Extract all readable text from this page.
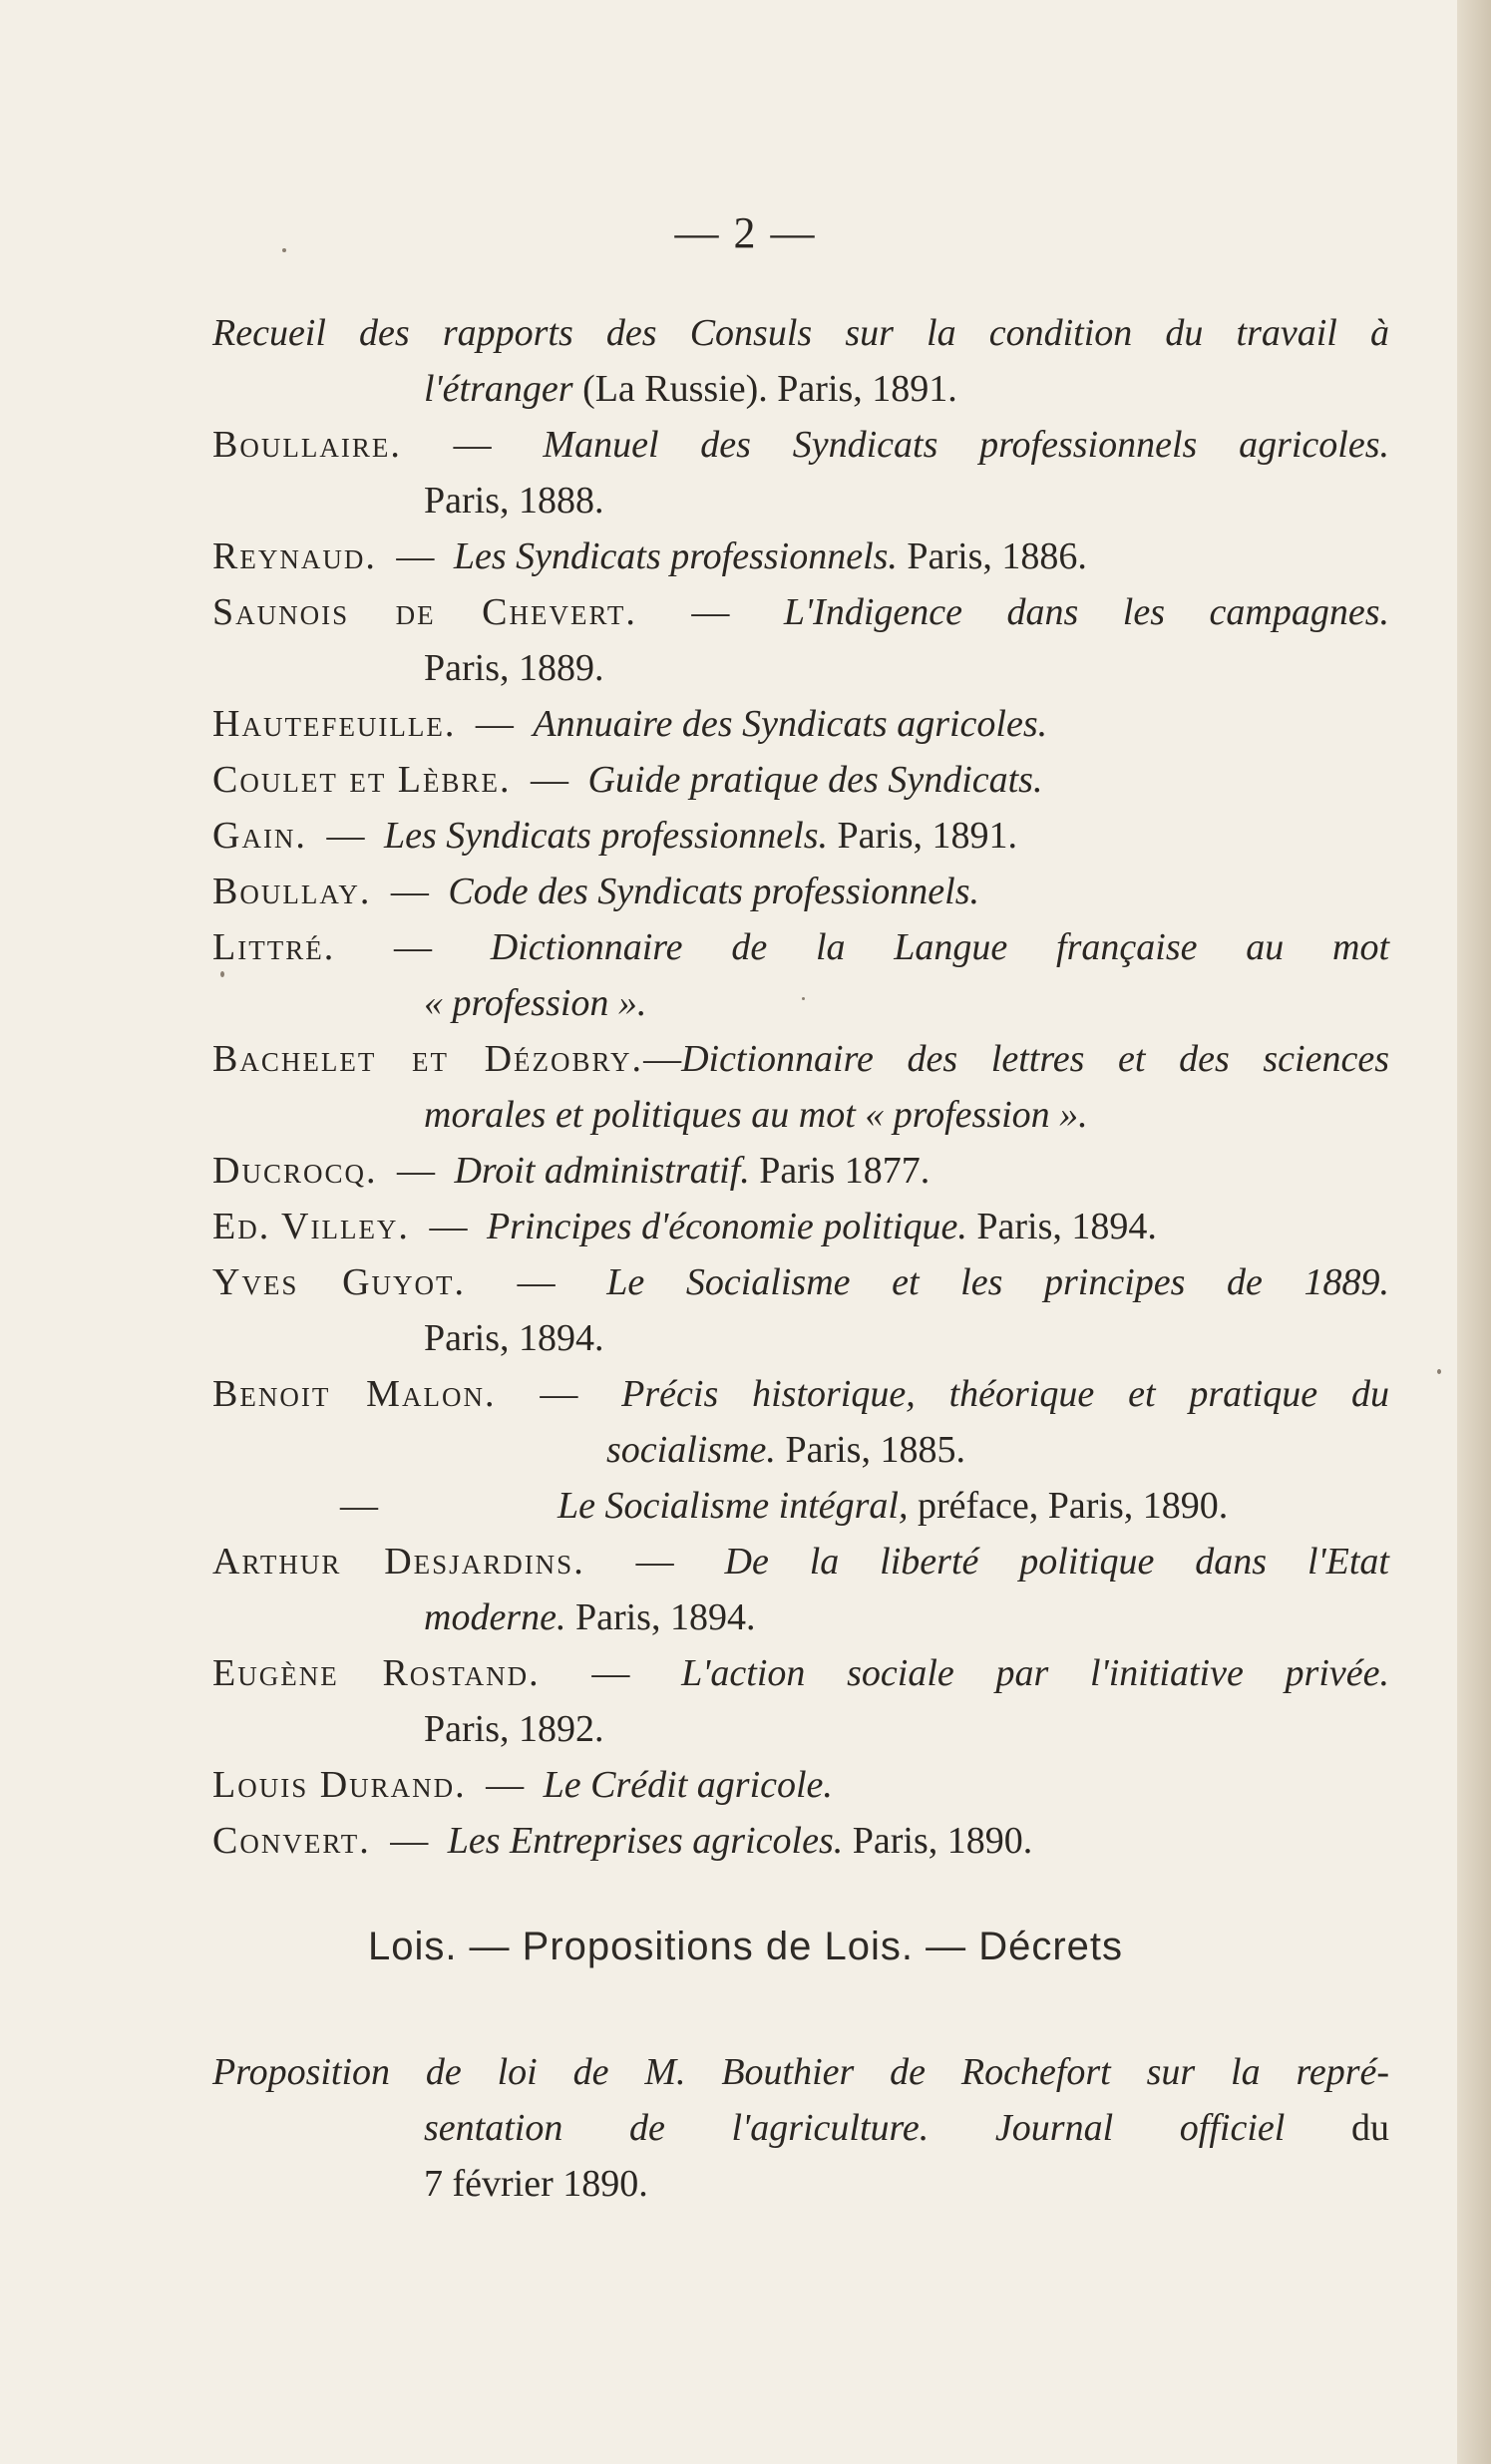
— 2 —
Recueil des rapports des Consuls sur la condition du travail à
l'étranger (La Russie). Paris, 1891.
Boullaire. — Manuel des Syndicats professionnels agricoles.
Paris, 1888.
Reynaud. — Les Syndicats professionnels. Paris, 1886.
Saunois de Chevert. — L'Indigence dans les campagnes.
Paris, 1889.
Hautefeuille. — Annuaire des Syndicats agricoles.
Coulet et Lèbre. — Guide pratique des Syndicats.
Gain. — Les Syndicats professionnels. Paris, 1891.
Boullay. — Code des Syndicats professionnels.
Littré. — Dictionnaire de la Langue française au mot
« profession ».
Bachelet et Dézobry.—Dictionnaire des lettres et des sciences
morales et politiques au mot « profession ».
Ducrocq. — Droit administratif. Paris 1877.
Ed. Villey. — Principes d'économie politique. Paris, 1894.
Yves Guyot. — Le Socialisme et les principes de 1889.
Paris, 1894.
Benoit Malon. — Précis historique, théorique et pratique du
socialisme. Paris, 1885.
—	Le Socialisme intégral, préface, Paris, 1890.
Arthur Desjardins. — De la liberté politique dans l'Etat
moderne. Paris, 1894.
Eugène Rostand. — L'action sociale par l'initiative privée.
Paris, 1892.
Louis Durand. — Le Crédit agricole.
Convert. — Les Entreprises agricoles. Paris, 1890.
Lois. — Propositions de Lois. — Décrets
Proposition de loi de M. Bouthier de Rochefort sur la repré-
sentation de l'agriculture. Journal officiel du
7 février 1890.
